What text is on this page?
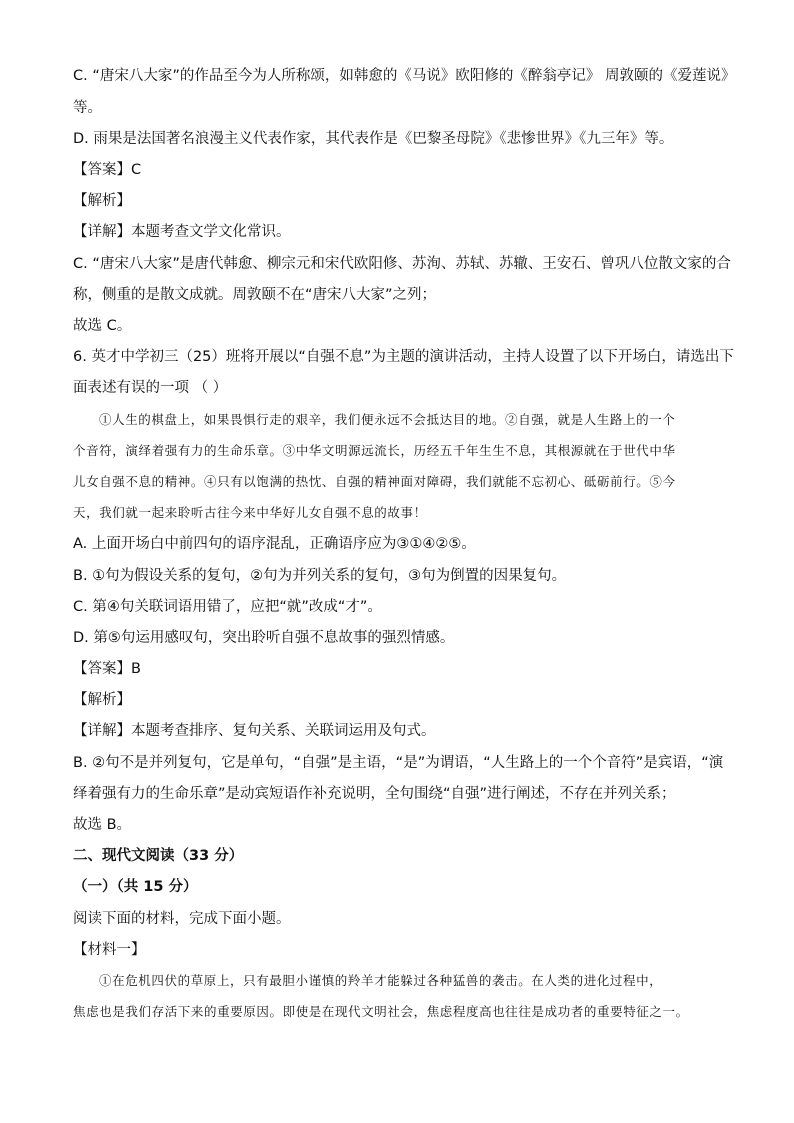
C. “唐宋八大家”的作品至今为人所称颂，如韩愈的《马说》欧阳修的《醉翁亭记》 周敦颐的《爱莲说》
等。
D. 雨果是法国著名浪漫主义代表作家，其代表作是《巴黎圣母院》《悲惨世界》《九三年》等。
【答案】C
【解析】
【详解】本题考查文学文化常识。
C. “唐宋八大家”是唐代韩愈、柳宗元和宋代欧阳修、苏洵、苏轼、苏辙、王安石、曾巩八位散文家的合
称，侧重的是散文成就。周敦颐不在“唐宋八大家”之列；
故选 C。
6. 英才中学初三（25）班将开展以“自强不息”为主题的演讲活动，主持人设置了以下开场白，请选出下
面表述有误的一项 （ ）
①人生的棋盘上，如果畏惧行走的艰辛，我们便永远不会抵达目的地。②自强，就是人生路上的一个
个音符，演绎着强有力的生命乐章。③中华文明源远流长，历经五千年生生不息，其根源就在于世代中华
儿女自强不息的精神。④只有以饱满的热忱、自强的精神面对障碍，我们就能不忘初心、砥砺前行。⑤今
天，我们就一起来聆听古往今来中华好儿女自强不息的故事！
A. 上面开场白中前四句的语序混乱，正确语序应为③①④②⑤。
B. ①句为假设关系的复句，②句为并列关系的复句，③句为倒置的因果复句。
C. 第④句关联词语用错了，应把“就”改成“才”。
D. 第⑤句运用感叹句，突出聆听自强不息故事的强烈情感。
【答案】B
【解析】
【详解】本题考查排序、复句关系、关联词运用及句式。
B. ②句不是并列复句，它是单句，“自强”是主语，“是”为谓语，“人生路上的一个个音符”是宾语，“演
绎着强有力的生命乐章”是动宾短语作补充说明，全句围绕“自强”进行阐述，不存在并列关系；
故选 B。
二、现代文阅读（33 分）
（一）（共 15 分）
阅读下面的材料，完成下面小题。
【材料一】
①在危机四伏的草原上，只有最胆小谨慎的羚羊才能躲过各种猛兽的袭击。在人类的进化过程中，
焦虑也是我们存活下来的重要原因。即使是在现代文明社会，焦虑程度高也往往是成功者的重要特征之一。
